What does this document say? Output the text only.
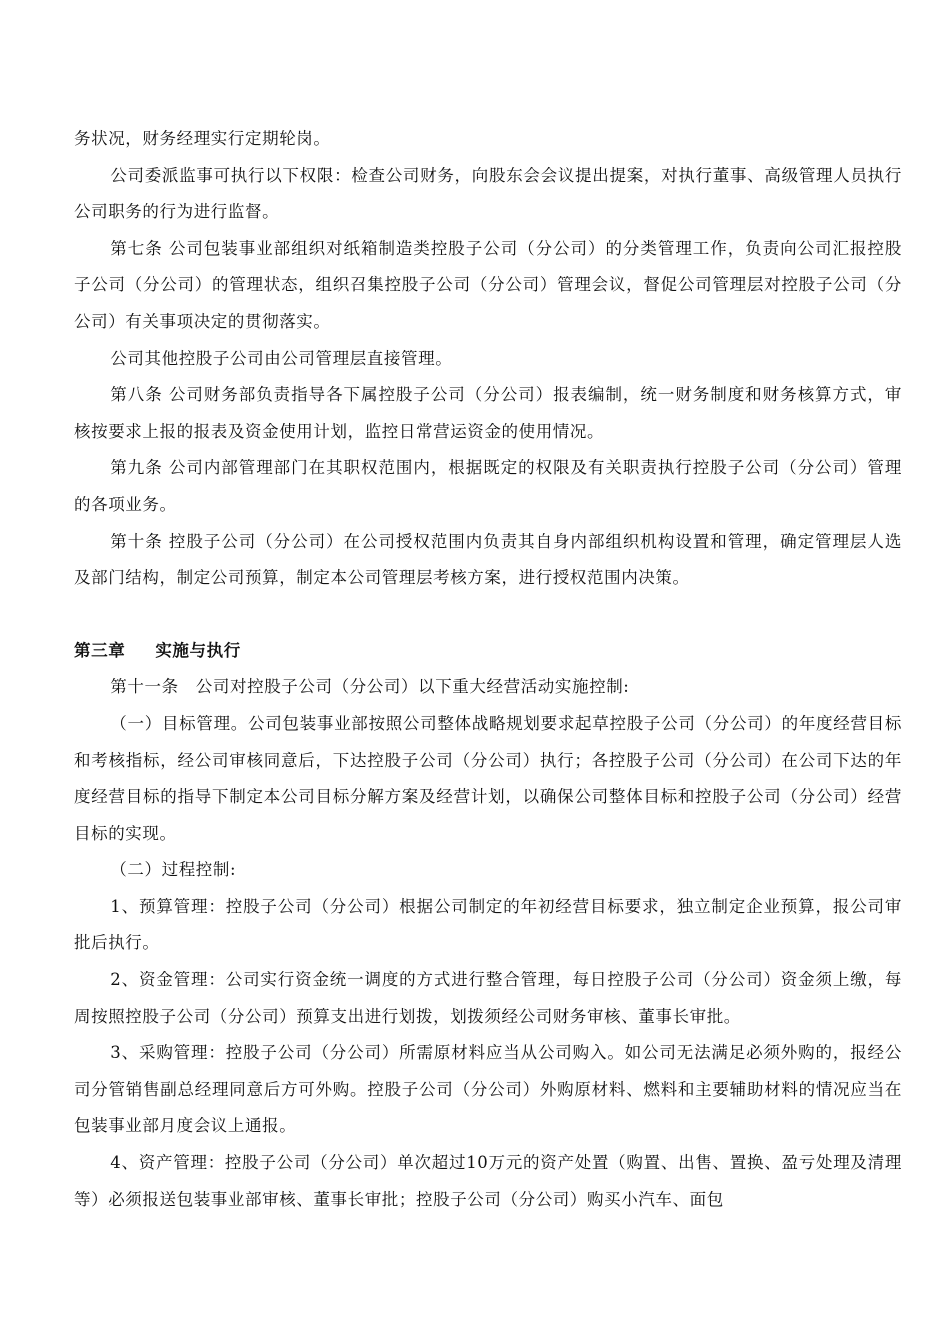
务状况，财务经理实行定期轮岗。

公司委派监事可执行以下权限：检查公司财务，向股东会会议提出提案，对执行董事、高级管理人员执行公司职务的行为进行监督。

第七条 公司包装事业部组织对纸箱制造类控股子公司（分公司）的分类管理工作，负责向公司汇报控股子公司（分公司）的管理状态，组织召集控股子公司（分公司）管理会议，督促公司管理层对控股子公司（分公司）有关事项决定的贯彻落实。

公司其他控股子公司由公司管理层直接管理。

第八条 公司财务部负责指导各下属控股子公司（分公司）报表编制，统一财务制度和财务核算方式，审核按要求上报的报表及资金使用计划，监控日常营运资金的使用情况。

第九条 公司内部管理部门在其职权范围内，根据既定的权限及有关职责执行控股子公司（分公司）管理的各项业务。

第十条 控股子公司（分公司）在公司授权范围内负责其自身内部组织机构设置和管理，确定管理层人选及部门结构，制定公司预算，制定本公司管理层考核方案，进行授权范围内决策。

第三章 实施与执行

第十一条　公司对控股子公司（分公司）以下重大经营活动实施控制:

（一）目标管理。公司包装事业部按照公司整体战略规划要求起草控股子公司（分公司）的年度经营目标和考核指标，经公司审核同意后，下达控股子公司（分公司）执行；各控股子公司（分公司）在公司下达的年度经营目标的指导下制定本公司目标分解方案及经营计划，以确保公司整体目标和控股子公司（分公司）经营目标的实现。

（二）过程控制:

1、预算管理：控股子公司（分公司）根据公司制定的年初经营目标要求，独立制定企业预算，报公司审批后执行。

2、资金管理：公司实行资金统一调度的方式进行整合管理，每日控股子公司（分公司）资金须上缴，每周按照控股子公司（分公司）预算支出进行划拨，划拨须经公司财务审核、董事长审批。

3、采购管理：控股子公司（分公司）所需原材料应当从公司购入。如公司无法满足必须外购的，报经公司分管销售副总经理同意后方可外购。控股子公司（分公司）外购原材料、燃料和主要辅助材料的情况应当在包装事业部月度会议上通报。

4、资产管理：控股子公司（分公司）单次超过10万元的资产处置（购置、出售、置换、盈亏处理及清理等）必须报送包装事业部审核、董事长审批；控股子公司（分公司）购买小汽车、面包
